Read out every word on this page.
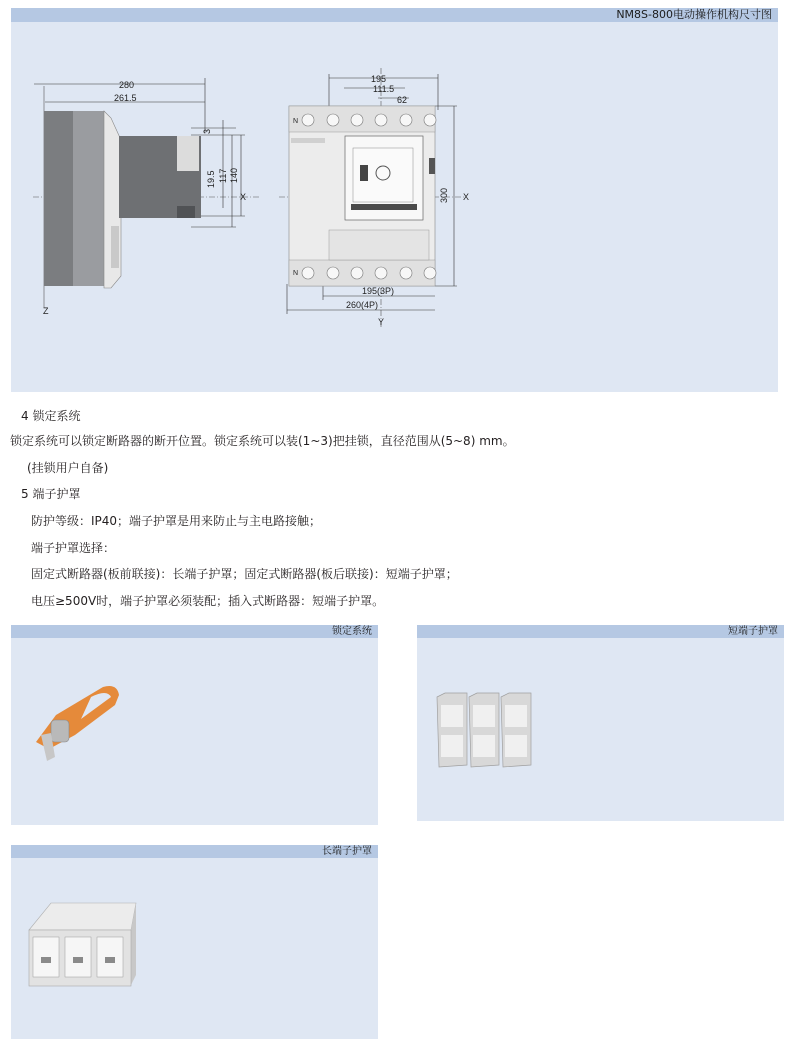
NM8S-800电动操作机构尺寸图
280
261.5
3
19.5 117 140
X
Z
N
N
195
111.5
62
300 X
195(3P)
260(4P)
Y
4 锁定系统
锁定系统可以锁定断路器的断开位置。锁定系统可以装(1~3)把挂锁，直径范围从(5~8) mm。
(挂锁用户自备)
5 端子护罩
防护等级：IP40；端子护罩是用来防止与主电路接触；
端子护罩选择：
固定式断路器(板前联接)：长端子护罩；固定式断路器(板后联接)：短端子护罩；
电压≥500V时，端子护罩必须装配；插入式断路器：短端子护罩。
锁定系统	短端子护罩
长端子护罩
